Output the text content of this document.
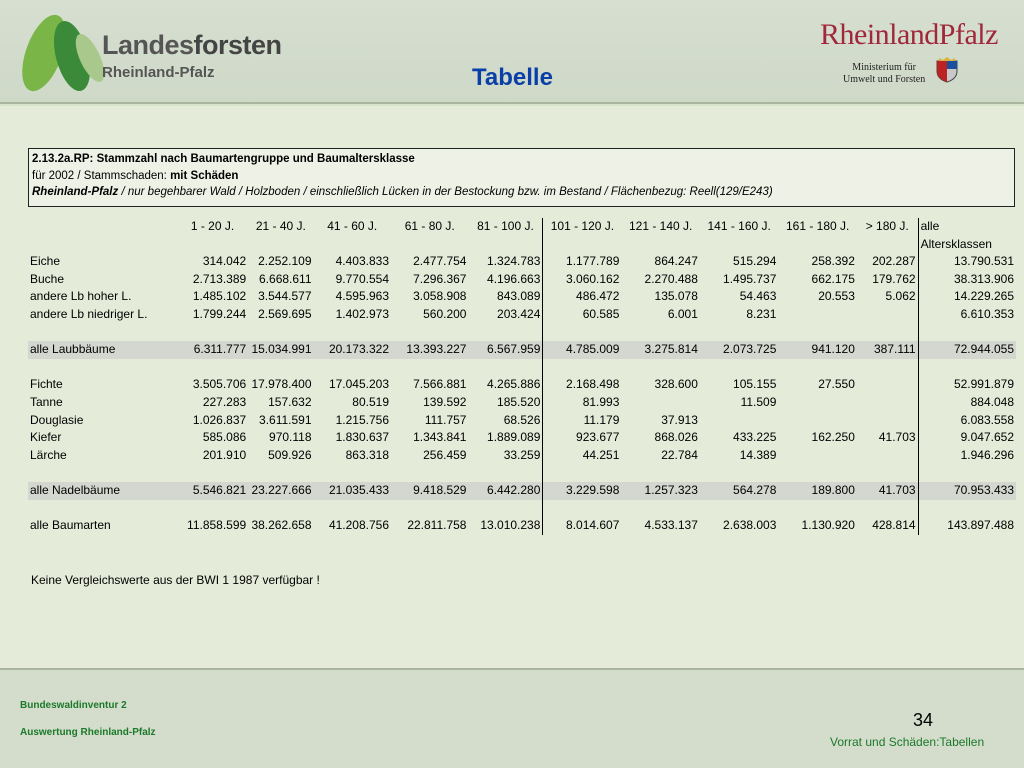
Landesforsten
Rheinland-Pfalz	Tabelle
RheinlandPfalz
Ministerium für
Umwelt und Forsten
2.13.2a.RP: Stammzahl nach Baumartengruppe und Baumaltersklasse
für 2002 / Stammschaden: mit Schäden
Rheinland-Pfalz / nur begehbarer Wald / Holzboden / einschließlich Lücken in der Bestockung bzw. im Bestand / Flächenbezug: Reell(129/E243)
	1 - 20 J.	21 - 40 J.	41 - 60 J.	61 - 80 J.	81 - 100 J.	101 - 120 J.	121 - 140 J.	141 - 160 J.	161 - 180 J.	> 180 J.	alle
											Altersklassen
Eiche	314.042	2.252.109	4.403.833	2.477.754	1.324.783	1.177.789	864.247	515.294	258.392	202.287	13.790.531
Buche	2.713.389	6.668.611	9.770.554	7.296.367	4.196.663	3.060.162	2.270.488	1.495.737	662.175	179.762	38.313.906
andere Lb hoher L.	1.485.102	3.544.577	4.595.963	3.058.908	843.089	486.472	135.078	54.463	20.553	5.062	14.229.265
andere Lb niedriger L.	1.799.244	2.569.695	1.402.973	560.200	203.424	60.585	6.001	8.231			6.610.353

alle Laubbäume	6.311.777	15.034.991	20.173.322	13.393.227	6.567.959	4.785.009	3.275.814	2.073.725	941.120	387.111	72.944.055

Fichte	3.505.706	17.978.400	17.045.203	7.566.881	4.265.886	2.168.498	328.600	105.155	27.550		52.991.879
Tanne	227.283	157.632	80.519	139.592	185.520	81.993		11.509			884.048
Douglasie	1.026.837	3.611.591	1.215.756	111.757	68.526	11.179	37.913				6.083.558
Kiefer	585.086	970.118	1.830.637	1.343.841	1.889.089	923.677	868.026	433.225	162.250	41.703	9.047.652
Lärche	201.910	509.926	863.318	256.459	33.259	44.251	22.784	14.389			1.946.296

alle Nadelbäume	5.546.821	23.227.666	21.035.433	9.418.529	6.442.280	3.229.598	1.257.323	564.278	189.800	41.703	70.953.433

alle Baumarten	11.858.599	38.262.658	41.208.756	22.811.758	13.010.238	8.014.607	4.533.137	2.638.003	1.130.920	428.814	143.897.488
Keine Vergleichswerte aus der BWI 1 1987 verfügbar !
Bundeswaldinventur 2
Auswertung Rheinland-Pfalz
34
Vorrat und Schäden:Tabellen
